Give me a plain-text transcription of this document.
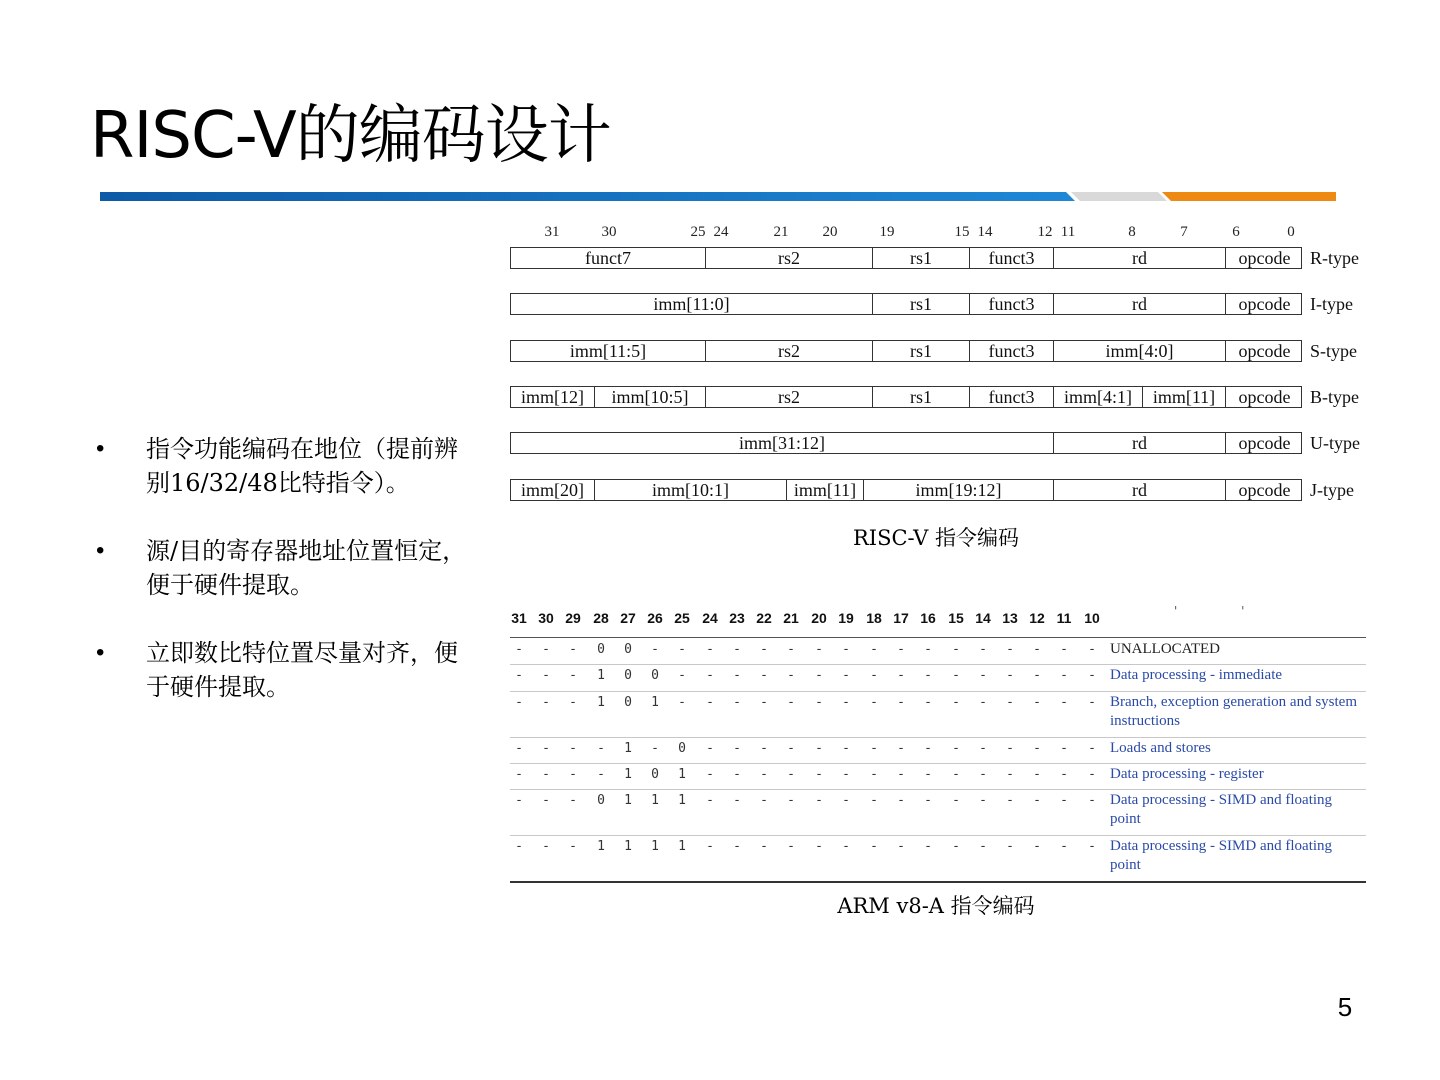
RISC-V的编码设计
• 指令功能编码在地位（提前辨别16/32/48比特指令）。
• 源/目的寄存器地址位置恒定，便于硬件提取。
• 立即数比特位置尽量对齐，便于硬件提取。
RISC-V 指令编码
31	30	25 24	21 20	19	15 14	12 11	8	7	6	0
funct7	rs2	rs1	funct3	rd	opcode	R-type
imm[11:0]	rs1	funct3	rd	opcode	I-type
imm[11:5]	rs2	rs1	funct3	imm[4:0]	opcode	S-type
imm[12]	imm[10:5]	rs2	rs1	funct3	imm[4:1]	imm[11]	opcode	B-type
imm[31:12]	rd	opcode	U-type
imm[20]	imm[10:1]	imm[11]	imm[19:12]	rd	opcode	J-type
' '
31 30 29 28 27 26 25 24 23 22 21 20 19 18 17 16 15 14 13 12 11 10
- - - 0 0 - - - - - - - - - - - - - - - - - UNALLOCATED
- - - 1 0 0 - - - - - - - - - - - - - - - - Data processing - immediate
- - - 1 0 1 - - - - - - - - - - - - - - - - Branch, exception generation and system instructions
- - - - 1 - 0 - - - - - - - - - - - - - - - Loads and stores
- - - - 1 0 1 - - - - - - - - - - - - - - - Data processing - register
- - - 0 1 1 1 - - - - - - - - - - - - - - - Data processing - SIMD and floating point
- - - 1 1 1 1 - - - - - - - - - - - - - - - Data processing - SIMD and floating point
ARM v8-A 指令编码
5
